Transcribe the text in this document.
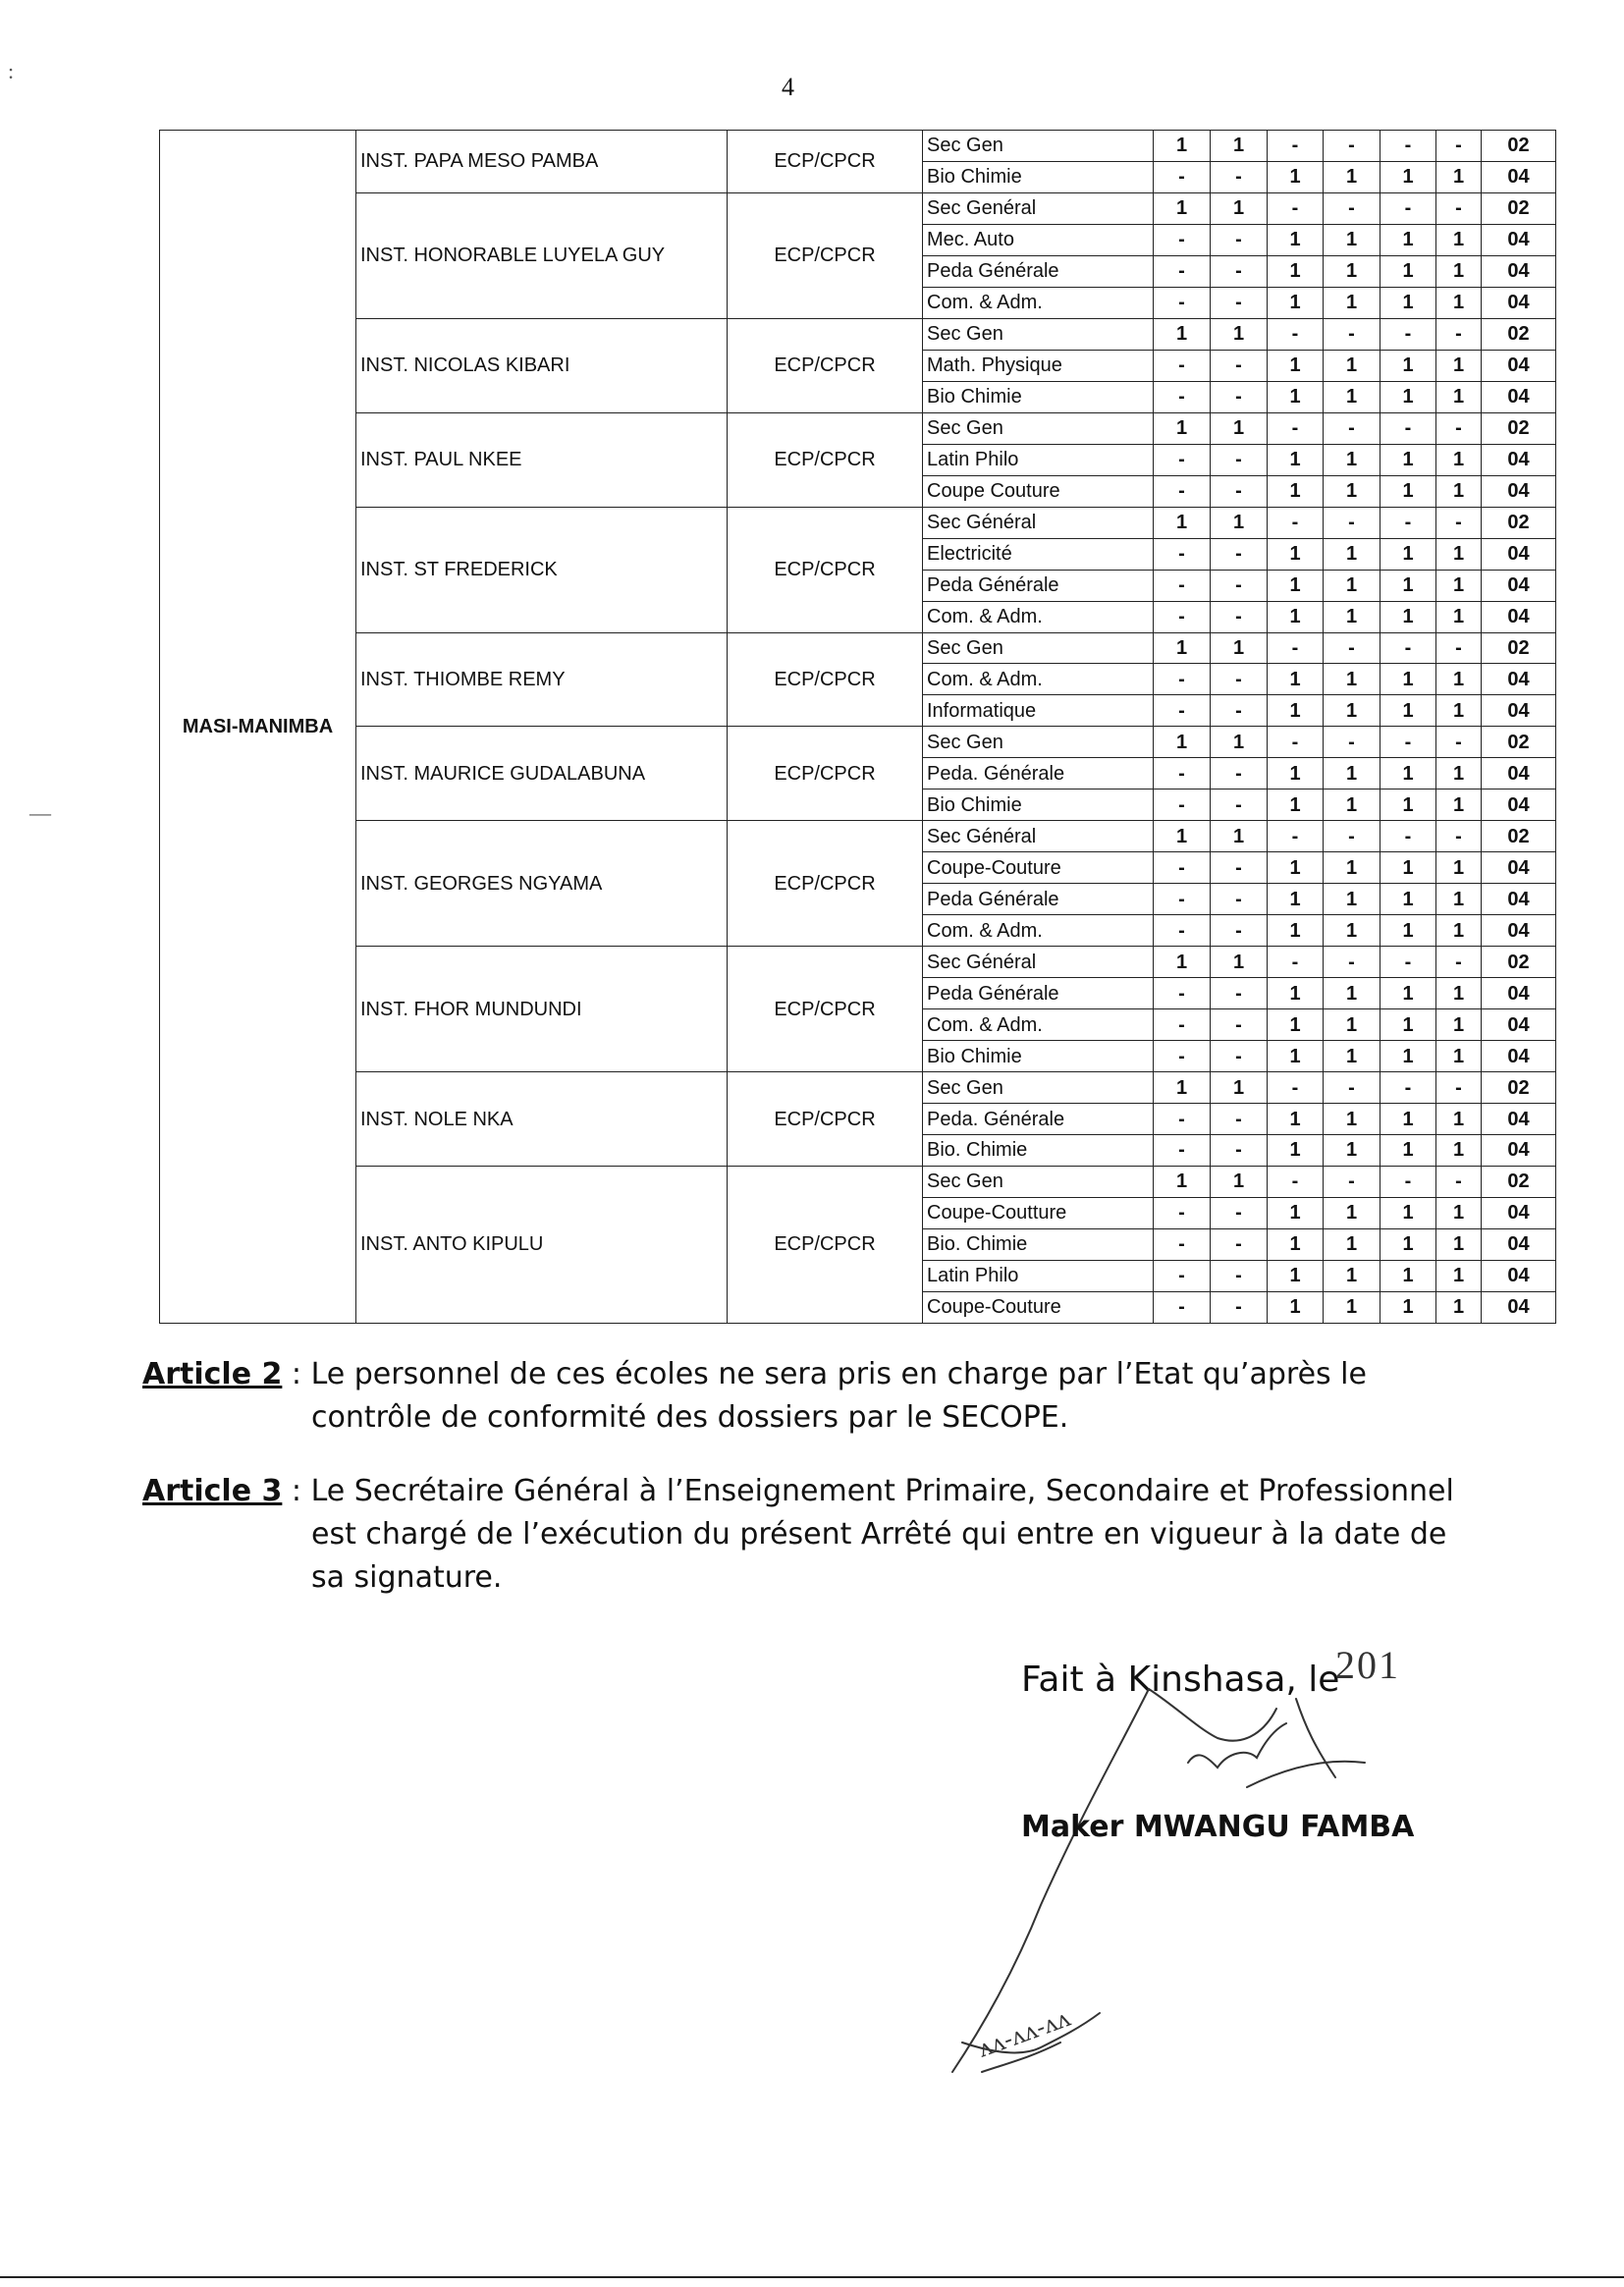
4
:
—
MASI-MANIMBA	INST. PAPA MESO PAMBA	ECP/CPCR	Sec Gen	1	1	-	-	-	-	02
			Bio Chimie	-	-	1	1	1	1	04
	INST. HONORABLE LUYELA GUY	ECP/CPCR	Sec Genéral	1	1	-	-	-	-	02
			Mec. Auto	-	-	1	1	1	1	04
			Peda Générale	-	-	1	1	1	1	04
			Com. & Adm.	-	-	1	1	1	1	04
	INST. NICOLAS KIBARI	ECP/CPCR	Sec Gen	1	1	-	-	-	-	02
			Math. Physique	-	-	1	1	1	1	04
			Bio Chimie	-	-	1	1	1	1	04
	INST. PAUL NKEE	ECP/CPCR	Sec Gen	1	1	-	-	-	-	02
			Latin Philo	-	-	1	1	1	1	04
			Coupe Couture	-	-	1	1	1	1	04
	INST. ST FREDERICK	ECP/CPCR	Sec Général	1	1	-	-	-	-	02
			Electricité	-	-	1	1	1	1	04
			Peda Générale	-	-	1	1	1	1	04
			Com. & Adm.	-	-	1	1	1	1	04
	INST. THIOMBE REMY	ECP/CPCR	Sec Gen	1	1	-	-	-	-	02
			Com. & Adm.	-	-	1	1	1	1	04
			Informatique	-	-	1	1	1	1	04
	INST. MAURICE GUDALABUNA	ECP/CPCR	Sec Gen	1	1	-	-	-	-	02
			Peda. Générale	-	-	1	1	1	1	04
			Bio Chimie	-	-	1	1	1	1	04
	INST. GEORGES NGYAMA	ECP/CPCR	Sec Général	1	1	-	-	-	-	02
			Coupe-Couture	-	-	1	1	1	1	04
			Peda Générale	-	-	1	1	1	1	04
			Com. & Adm.	-	-	1	1	1	1	04
	INST. FHOR MUNDUNDI	ECP/CPCR	Sec Général	1	1	-	-	-	-	02
			Peda Générale	-	-	1	1	1	1	04
			Com. & Adm.	-	-	1	1	1	1	04
			Bio Chimie	-	-	1	1	1	1	04
	INST. NOLE NKA	ECP/CPCR	Sec Gen	1	1	-	-	-	-	02
			Peda. Générale	-	-	1	1	1	1	04
			Bio. Chimie	-	-	1	1	1	1	04
	INST. ANTO KIPULU	ECP/CPCR	Sec Gen	1	1	-	-	-	-	02
			Coupe-Coutture	-	-	1	1	1	1	04
			Bio. Chimie	-	-	1	1	1	1	04
			Latin Philo	-	-	1	1	1	1	04
			Coupe-Couture	-	-	1	1	1	1	04
Article 2 : Le personnel de ces écoles ne sera pris en charge par l’Etat qu’après le
contrôle de conformité des dossiers par le SECOPE.
Article 3 : Le Secrétaire Général à l’Enseignement Primaire, Secondaire et Professionnel
est chargé de l’exécution du présent Arrêté qui entre en vigueur à la date de
sa signature.
Fait à Kinshasa, le
201
ʌʌ-ʌʌ-ʌʌ
Maker MWANGU FAMBA
